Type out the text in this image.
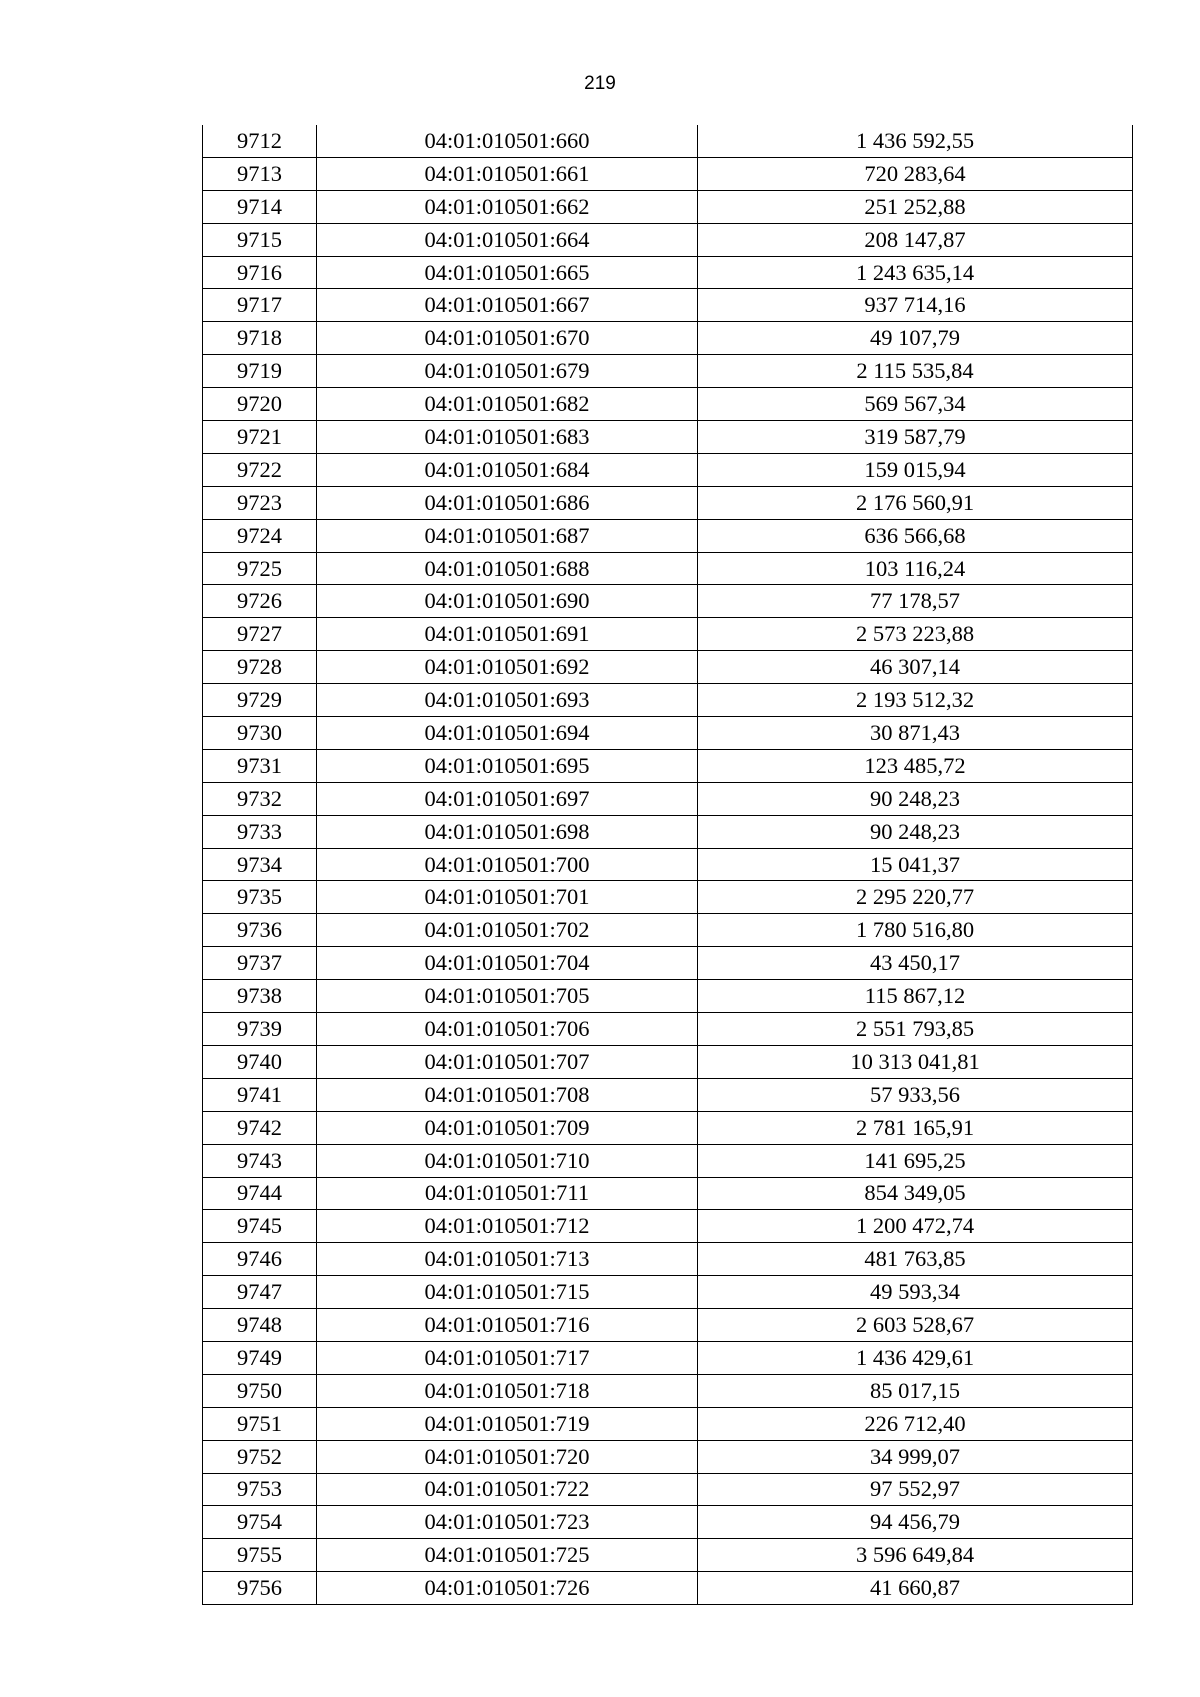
219
9712	04:01:010501:660	1 436 592,55
9713	04:01:010501:661	720 283,64
9714	04:01:010501:662	251 252,88
9715	04:01:010501:664	208 147,87
9716	04:01:010501:665	1 243 635,14
9717	04:01:010501:667	937 714,16
9718	04:01:010501:670	49 107,79
9719	04:01:010501:679	2 115 535,84
9720	04:01:010501:682	569 567,34
9721	04:01:010501:683	319 587,79
9722	04:01:010501:684	159 015,94
9723	04:01:010501:686	2 176 560,91
9724	04:01:010501:687	636 566,68
9725	04:01:010501:688	103 116,24
9726	04:01:010501:690	77 178,57
9727	04:01:010501:691	2 573 223,88
9728	04:01:010501:692	46 307,14
9729	04:01:010501:693	2 193 512,32
9730	04:01:010501:694	30 871,43
9731	04:01:010501:695	123 485,72
9732	04:01:010501:697	90 248,23
9733	04:01:010501:698	90 248,23
9734	04:01:010501:700	15 041,37
9735	04:01:010501:701	2 295 220,77
9736	04:01:010501:702	1 780 516,80
9737	04:01:010501:704	43 450,17
9738	04:01:010501:705	115 867,12
9739	04:01:010501:706	2 551 793,85
9740	04:01:010501:707	10 313 041,81
9741	04:01:010501:708	57 933,56
9742	04:01:010501:709	2 781 165,91
9743	04:01:010501:710	141 695,25
9744	04:01:010501:711	854 349,05
9745	04:01:010501:712	1 200 472,74
9746	04:01:010501:713	481 763,85
9747	04:01:010501:715	49 593,34
9748	04:01:010501:716	2 603 528,67
9749	04:01:010501:717	1 436 429,61
9750	04:01:010501:718	85 017,15
9751	04:01:010501:719	226 712,40
9752	04:01:010501:720	34 999,07
9753	04:01:010501:722	97 552,97
9754	04:01:010501:723	94 456,79
9755	04:01:010501:725	3 596 649,84
9756	04:01:010501:726	41 660,87
